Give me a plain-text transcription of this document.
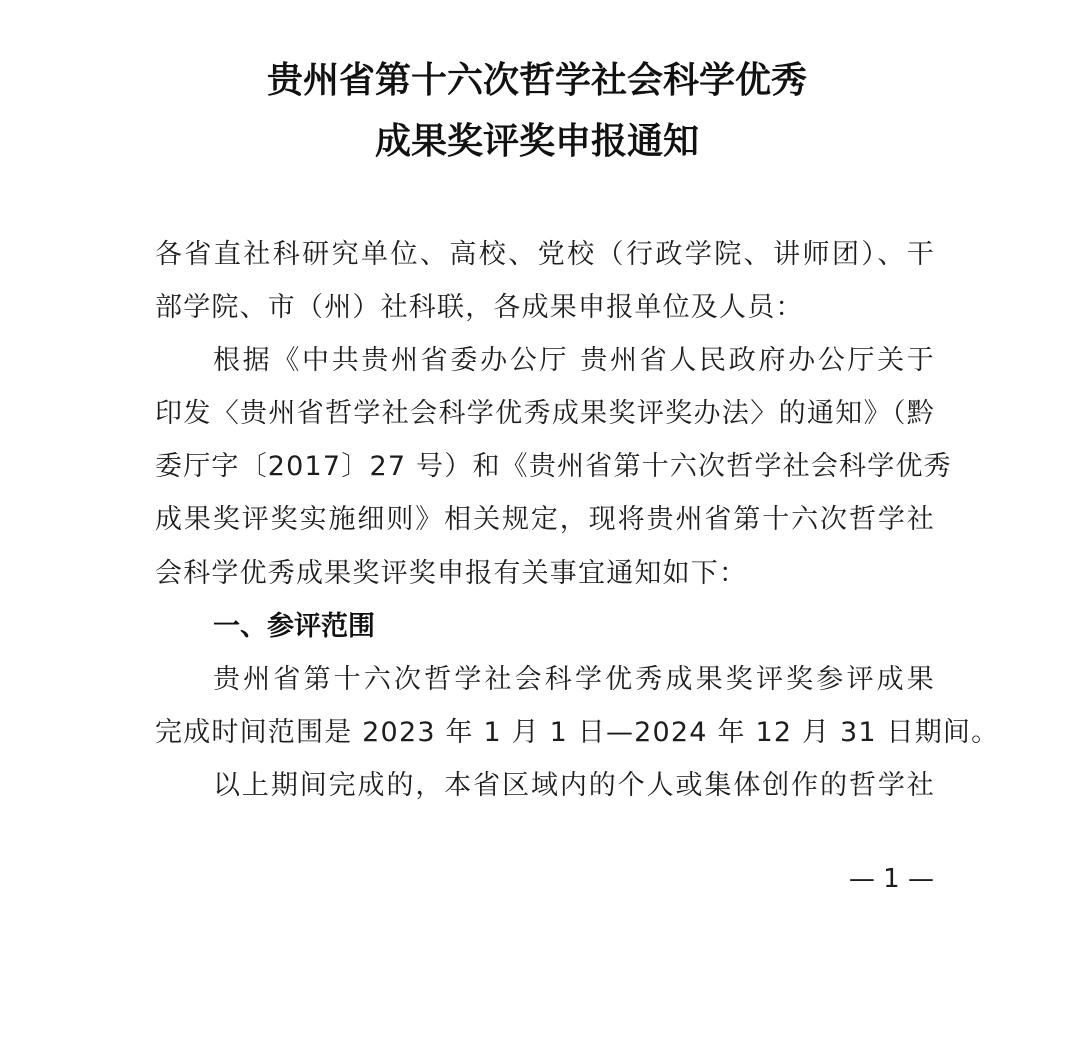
贵州省第十六次哲学社会科学优秀
成果奖评奖申报通知
各省直社科研究单位、高校、党校（行政学院、讲师团）、干
部学院、市（州）社科联，各成果申报单位及人员：
根据《中共贵州省委办公厅 贵州省人民政府办公厅关于
印发〈贵州省哲学社会科学优秀成果奖评奖办法〉的通知》（黔
委厅字〔2017〕27 号）和《贵州省第十六次哲学社会科学优秀
成果奖评奖实施细则》相关规定，现将贵州省第十六次哲学社
会科学优秀成果奖评奖申报有关事宜通知如下：
一、参评范围
贵州省第十六次哲学社会科学优秀成果奖评奖参评成果
完成时间范围是 2023 年 1 月 1 日—2024 年 12 月 31 日期间。
以上期间完成的，本省区域内的个人或集体创作的哲学社
— 1 —
